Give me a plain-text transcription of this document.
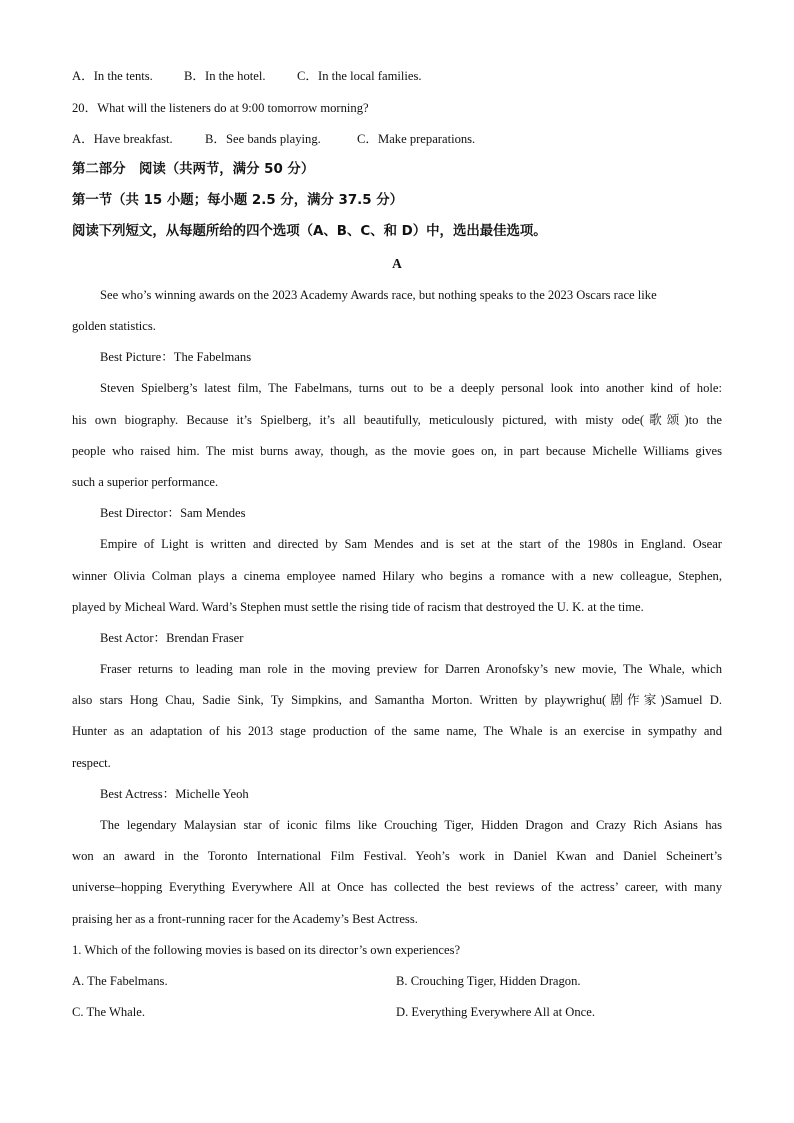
A．In the tents. B．In the hotel.	C．In the local families.
20．What will the listeners do at 9:00 tomorrow morning?
A．Have breakfast.	B．See bands playing.	C．Make preparations.
第二部分　阅读（共两节，满分 50 分）
第一节（共 15 小题；每小题 2.5 分，满分 37.5 分）
阅读下列短文，从每题所给的四个选项（A、B、C、和 D）中，选出最佳选项。
A
See who’s winning awards on the 2023 Academy Awards race, but nothing speaks to the 2023 Oscars race like
golden statistics.
Best Picture：The Fabelmans
Steven Spielberg’s latest film, The Fabelmans, turns out to be a deeply personal look into another kind of hole:
his own biography. Because it’s Spielberg, it’s all beautifully, meticulously pictured, with misty ode(歌颂)to the
people who raised him. The mist burns away, though, as the movie goes on, in part because Michelle Williams gives
such a superior performance.
Best Director：Sam Mendes
Empire of Light is written and directed by Sam Mendes and is set at the start of the 1980s in England. Osear
winner Olivia Colman plays a cinema employee named Hilary who begins a romance with a new colleague, Stephen,
played by Micheal Ward. Ward’s Stephen must settle the rising tide of racism that destroyed the U. K. at the time.
Best Actor：Brendan Fraser
Fraser returns to leading man role in the moving preview for Darren Aronofsky’s new movie, The Whale, which
also stars Hong Chau, Sadie Sink, Ty Simpkins, and Samantha Morton. Written by playwrighu(剧作家)Samuel D.
Hunter as an adaptation of his 2013 stage production of the same name, The Whale is an exercise in sympathy and
respect.
Best Actress：Michelle Yeoh
The legendary Malaysian star of iconic films like Crouching Tiger, Hidden Dragon and Crazy Rich Asians has
won an award in the Toronto International Film Festival. Yeoh’s work in Daniel Kwan and Daniel Scheinert’s
universe–hopping Everything Everywhere All at Once has collected the best reviews of the actress’ career, with many
praising her as a front-running racer for the Academy’s Best Actress.
1. Which of the following movies is based on its director’s own experiences?
A. The Fabelmans.	B. Crouching Tiger, Hidden Dragon.
C. The Whale.	D. Everything Everywhere All at Once.
